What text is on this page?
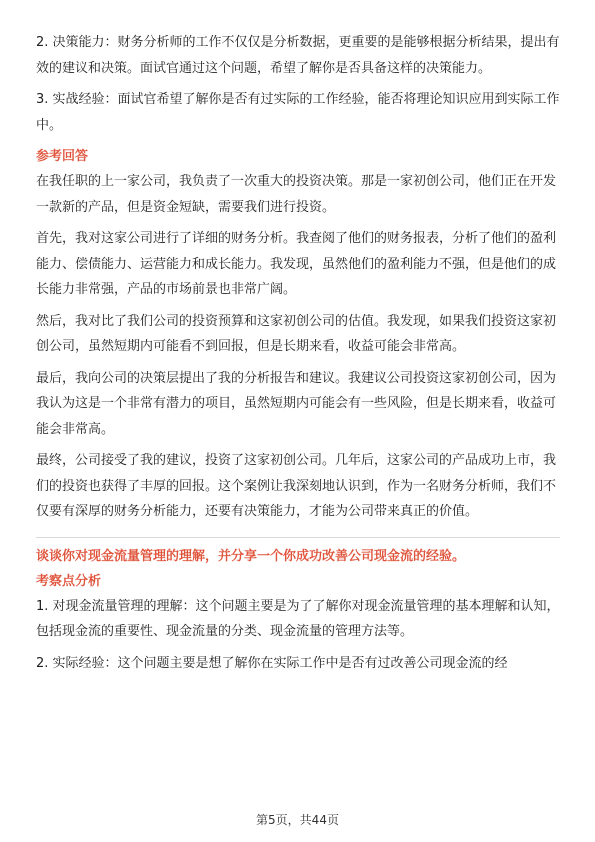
2. 决策能力：财务分析师的工作不仅仅是分析数据，更重要的是能够根据分析结果，提出有效的建议和决策。面试官通过这个问题，希望了解你是否具备这样的决策能力。

3. 实战经验：面试官希望了解你是否有过实际的工作经验，能否将理论知识应用到实际工作中。

参考回答

在我任职的上一家公司，我负责了一次重大的投资决策。那是一家初创公司，他们正在开发一款新的产品，但是资金短缺，需要我们进行投资。

首先，我对这家公司进行了详细的财务分析。我查阅了他们的财务报表，分析了他们的盈利能力、偿债能力、运营能力和成长能力。我发现，虽然他们的盈利能力不强，但是他们的成长能力非常强，产品的市场前景也非常广阔。

然后，我对比了我们公司的投资预算和这家初创公司的估值。我发现，如果我们投资这家初创公司，虽然短期内可能看不到回报，但是长期来看，收益可能会非常高。

最后，我向公司的决策层提出了我的分析报告和建议。我建议公司投资这家初创公司，因为我认为这是一个非常有潜力的项目，虽然短期内可能会有一些风险，但是长期来看，收益可能会非常高。

最终，公司接受了我的建议，投资了这家初创公司。几年后，这家公司的产品成功上市，我们的投资也获得了丰厚的回报。这个案例让我深刻地认识到，作为一名财务分析师，我们不仅要有深厚的财务分析能力，还要有决策能力，才能为公司带来真正的价值。

谈谈你对现金流量管理的理解，并分享一个你成功改善公司现金流的经验。
考察点分析

1. 对现金流量管理的理解：这个问题主要是为了了解你对现金流量管理的基本理解和认知，包括现金流的重要性、现金流量的分类、现金流量的管理方法等。

2. 实际经验：这个问题主要是想了解你在实际工作中是否有过改善公司现金流的经

第5页，共44页
